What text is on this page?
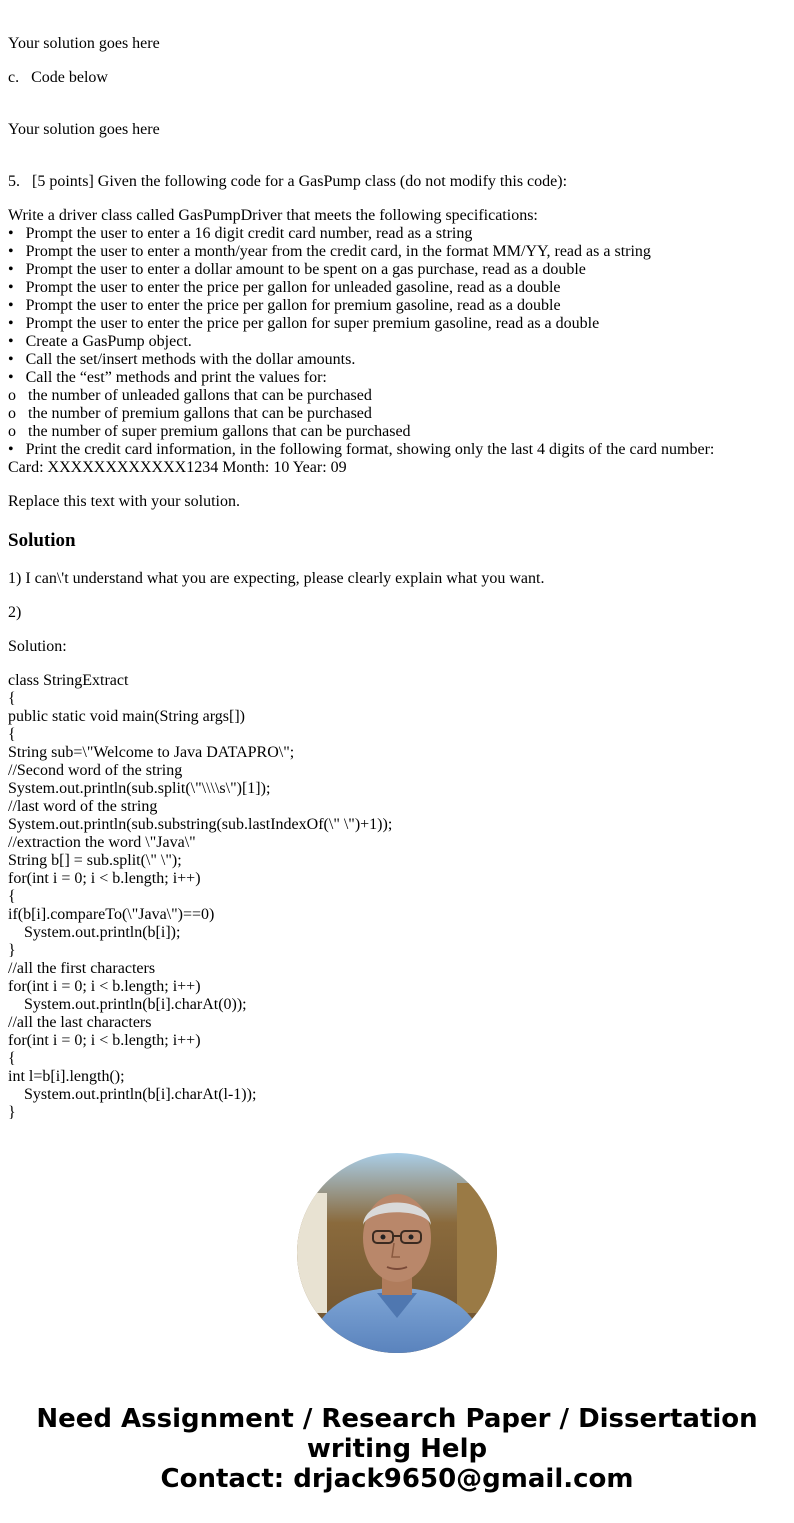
Your solution goes here
c.   Code below
Your solution goes here
5.   [5 points] Given the following code for a GasPump class (do not modify this code):
Write a driver class called GasPumpDriver that meets the following specifications:
•   Prompt the user to enter a 16 digit credit card number, read as a string
•   Prompt the user to enter a month/year from the credit card, in the format MM/YY, read as a string
•   Prompt the user to enter a dollar amount to be spent on a gas purchase, read as a double
•   Prompt the user to enter the price per gallon for unleaded gasoline, read as a double
•   Prompt the user to enter the price per gallon for premium gasoline, read as a double
•   Prompt the user to enter the price per gallon for super premium gasoline, read as a double
•   Create a GasPump object.
•   Call the set/insert methods with the dollar amounts.
•   Call the “est” methods and print the values for:
o   the number of unleaded gallons that can be purchased
o   the number of premium gallons that can be purchased
o   the number of super premium gallons that can be purchased
•   Print the credit card information, in the following format, showing only the last 4 digits of the card number:
Card: XXXXXXXXXXXX1234 Month: 10 Year: 09
Replace this text with your solution.
Solution
1) I can\'t understand what you are expecting, please clearly explain what you want.
2)
Solution:
class StringExtract
{
public static void main(String args[])
{
String sub=\"Welcome to Java DATAPRO\";
//Second word of the string
System.out.println(sub.split(\"\\\\s\")[1]);
//last word of the string
System.out.println(sub.substring(sub.lastIndexOf(\" \")+1));
//extraction the word \"Java\"
String b[] = sub.split(\" \");
for(int i = 0; i < b.length; i++)
{
if(b[i].compareTo(\"Java\")==0)
System.out.println(b[i]);
}
//all the first characters
for(int i = 0; i < b.length; i++)
System.out.println(b[i].charAt(0));
//all the last characters
for(int i = 0; i < b.length; i++)
{
int l=b[i].length();
System.out.println(b[i].charAt(l-1));
}
Need Assignment / Research Paper / Dissertation
writing Help
Contact: drjack9650@gmail.com
